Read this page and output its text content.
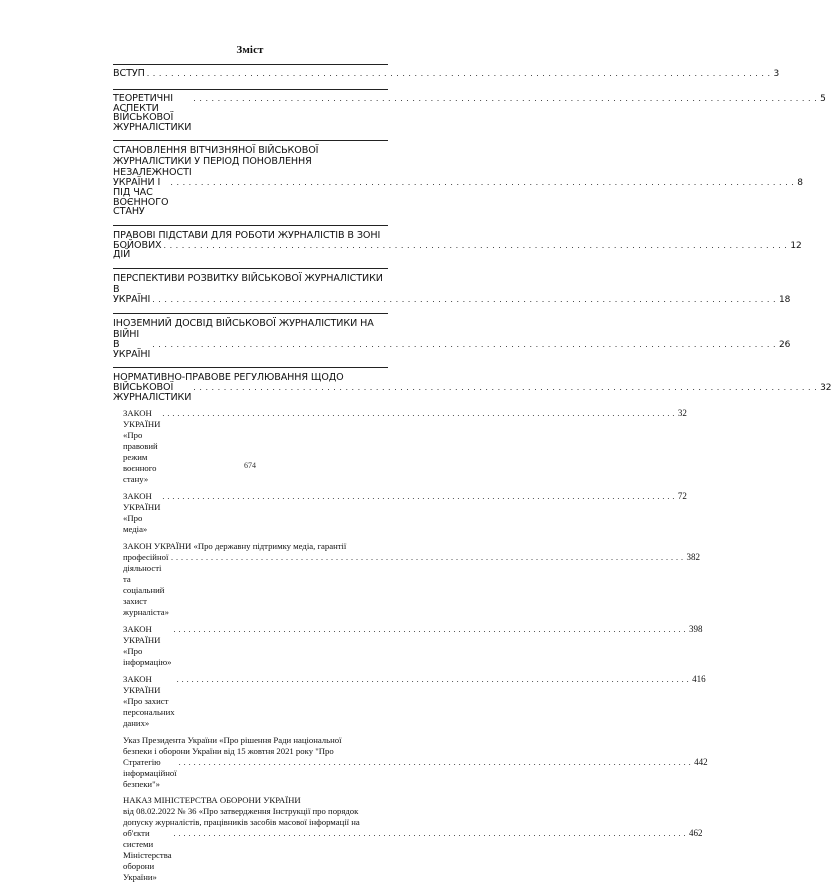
Зміст
ВСТУП . . .	3
ТЕОРЕТИЧНІ АСПЕКТИ ВІЙСЬКОВОЇ ЖУРНАЛІСТИКИ
. . .
5
СТАНОВЛЕННЯ ВІТЧИЗНЯНОЇ ВІЙСЬКОВОЇ
ЖУРНАЛІСТИКИ У ПЕРІОД ПОНОВЛЕННЯ НЕЗАЛЕЖНОСТІ
УКРАЇНИ І ПІД ЧАС ВОЄННОГО СТАНУ
. . .
8
ПРАВОВІ ПІДСТАВИ ДЛЯ РОБОТИ ЖУРНАЛІСТІВ В ЗОНІ
БОЙОВИХ ДІЙ
. . .
12
ПЕРСПЕКТИВИ РОЗВИТКУ ВІЙСЬКОВОЇ ЖУРНАЛІСТИКИ В
УКРАЇНІ . . .	18
ІНОЗЕМНИЙ ДОСВІД ВІЙСЬКОВОЇ ЖУРНАЛІСТИКИ НА ВІЙНІ
В УКРАЇНІ
. . .
26
НОРМАТИВНО-ПРАВОВЕ РЕГУЛЮВАННЯ ЩОДО
ВІЙСЬКОВОЇ ЖУРНАЛІСТИКИ
. . .
32
ЗАКОН УКРАЇНИ «Про правовий режим воєнного стану»
. . .
32
ЗАКОН УКРАЇНИ «Про медіа»
. . .
72
ЗАКОН УКРАЇНИ «Про державну підтримку медіа, гарантії
професійної діяльності та соціальний захист журналіста»
. . .
382
ЗАКОН УКРАЇНИ «Про інформацію»
. . .
398
ЗАКОН УКРАЇНИ «Про захист персональних даних»
. . .
416
Указ Президента України «Про рішення Ради національної
безпеки і оборони України від 15 жовтня 2021 року "Про
Стратегію інформаційної безпеки"»
. . .
442
НАКАЗ МІНІСТЕРСТВА ОБОРОНИ УКРАЇНИ
від 08.02.2022 № 36 «Про затвердження Інструкції про порядок
допуску журналістів, працівників засобів масової інформації на
об'єкти системи Міністерства оборони України»
. . .
462
674
